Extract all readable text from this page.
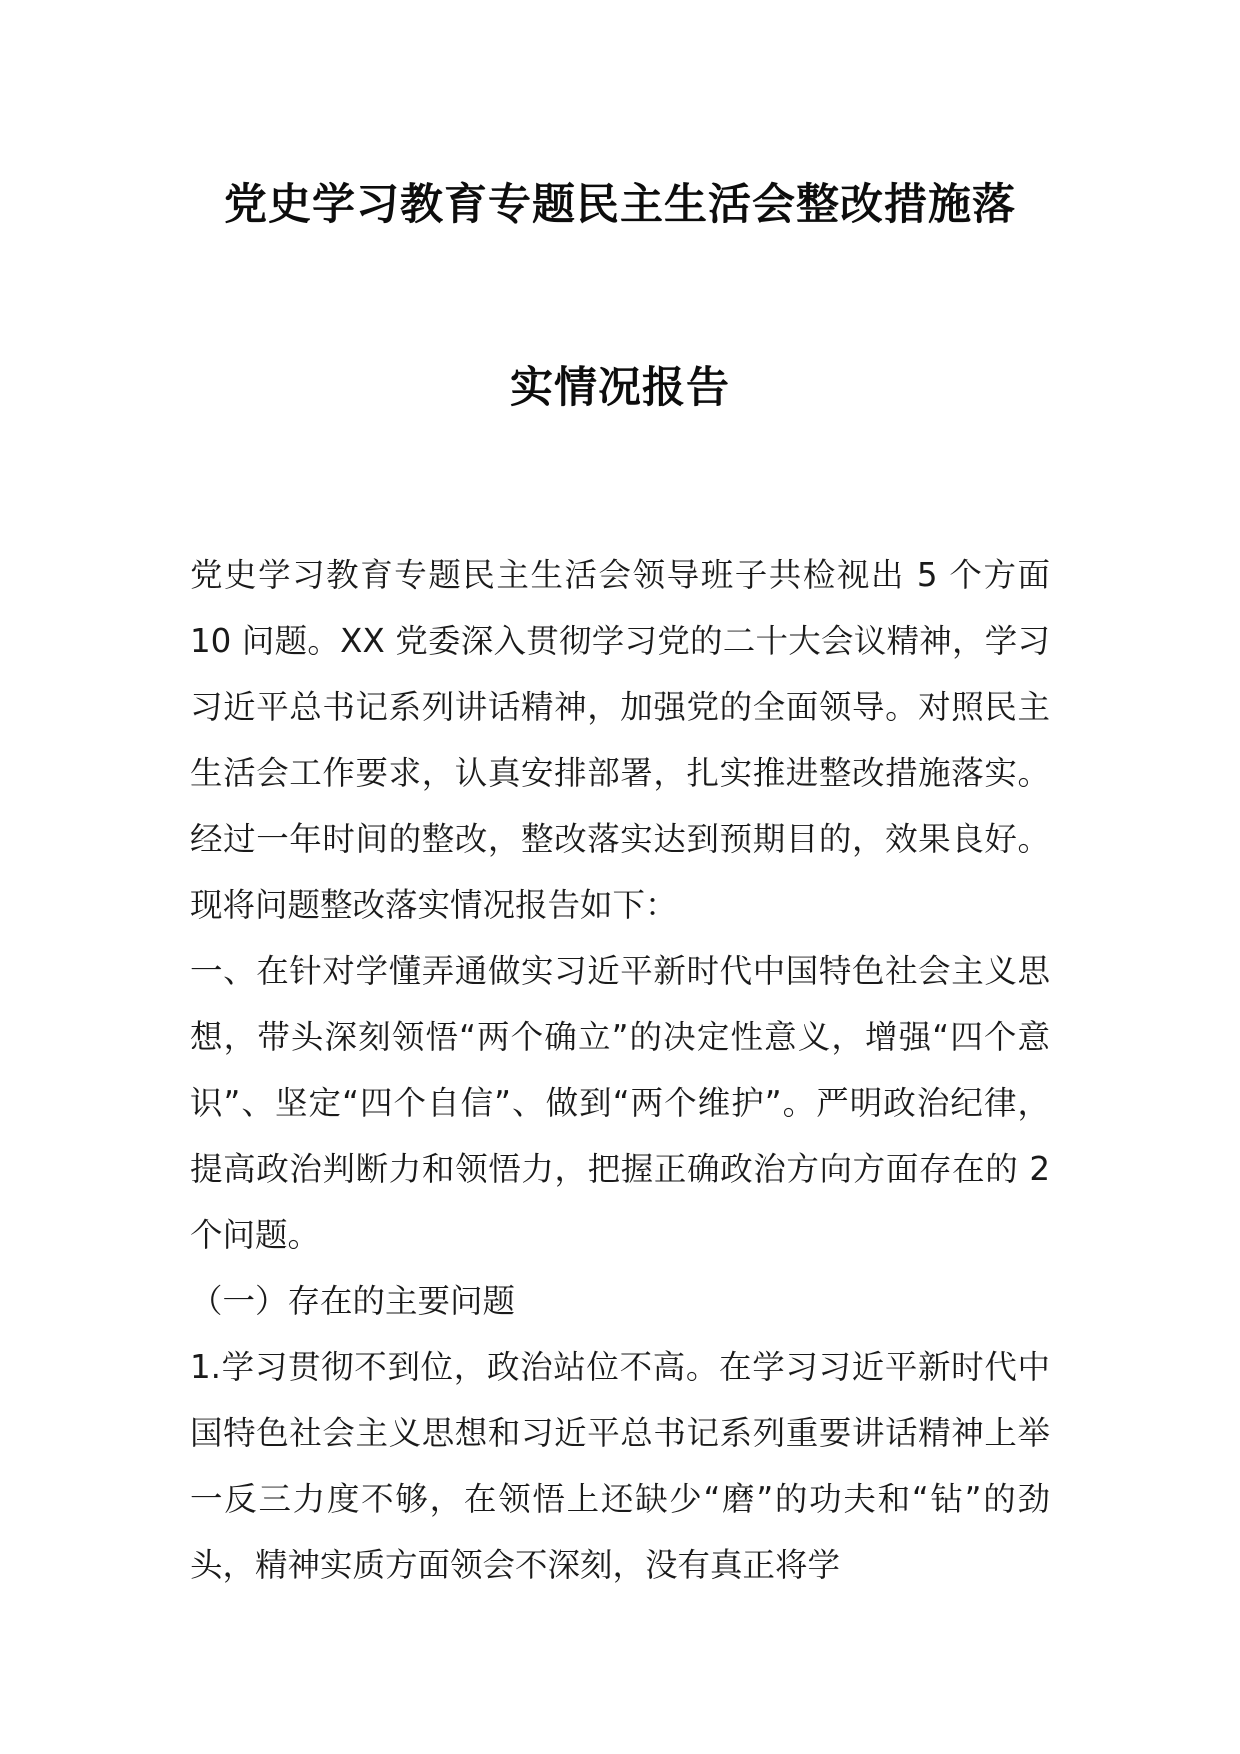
党史学习教育专题民主生活会整改措施落
实情况报告

党史学习教育专题民主生活会领导班子共检视出 5 个方面 10 问题。XX 党委深入贯彻学习党的二十大会议精神，学习习近平总书记系列讲话精神，加强党的全面领导。对照民主生活会工作要求，认真安排部署，扎实推进整改措施落实。经过一年时间的整改，整改落实达到预期目的，效果良好。现将问题整改落实情况报告如下：

一、在针对学懂弄通做实习近平新时代中国特色社会主义思想，带头深刻领悟“两个确立”的决定性意义，增强“四个意识”、坚定“四个自信”、做到“两个维护”。严明政治纪律，提高政治判断力和领悟力，把握正确政治方向方面存在的 2 个问题。

（一）存在的主要问题

1.学习贯彻不到位，政治站位不高。在学习习近平新时代中国特色社会主义思想和习近平总书记系列重要讲话精神上举一反三力度不够，在领悟上还缺少“磨”的功夫和“钻”的劲头，精神实质方面领会不深刻，没有真正将学
